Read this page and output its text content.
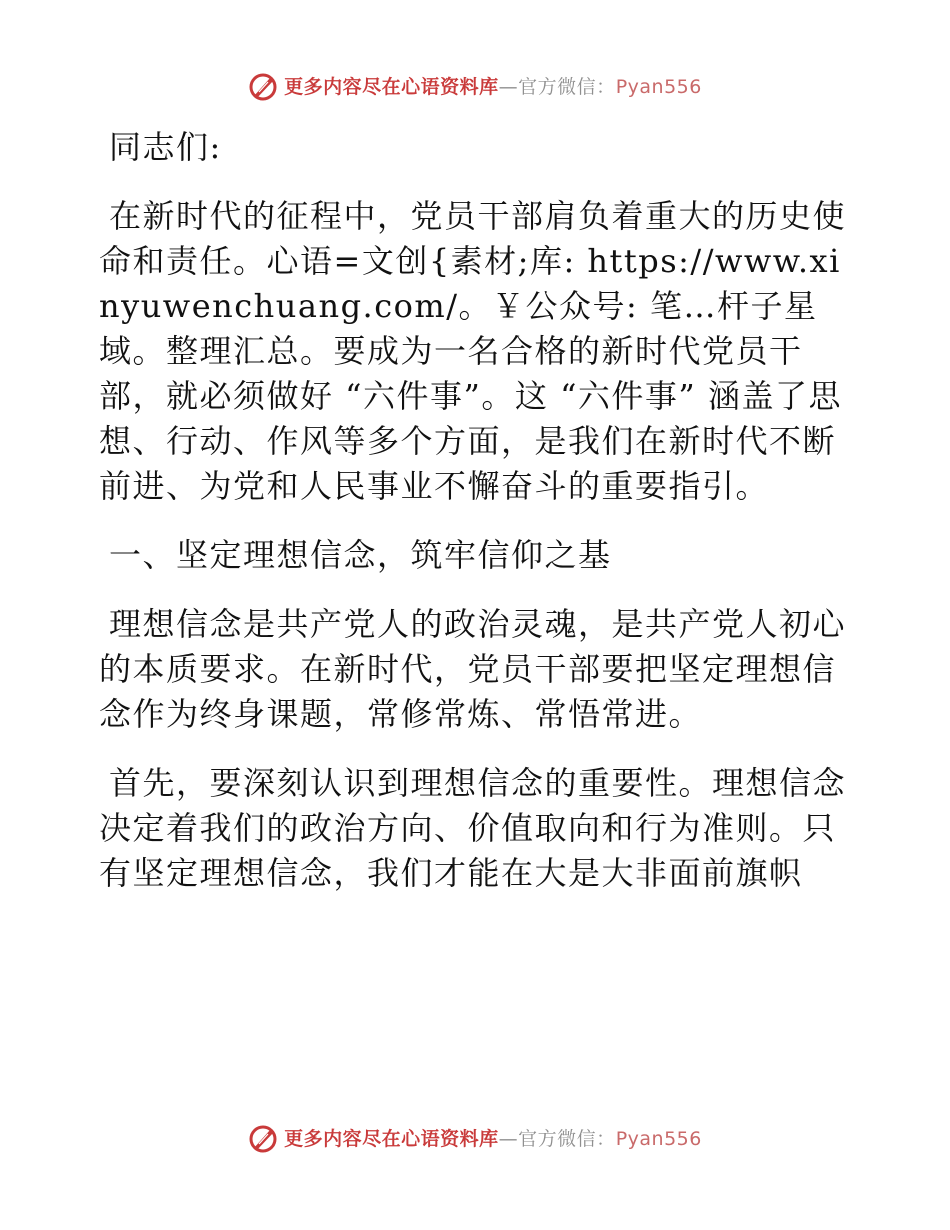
更多内容尽在心语资料库—官方微信：Pyan556

同志们:

在新时代的征程中，党员干部肩负着重大的历史使命和责任。心语=文创{素材;库: https://www.xinyuwenchuang.com/。￥公众号: 笔…杆子星域。整理汇总。要成为一名合格的新时代党员干部，就必须做好 “六件事”。这 “六件事” 涵盖了思想、行动、作风等多个方面，是我们在新时代不断前进、为党和人民事业不懈奋斗的重要指引。

一、坚定理想信念，筑牢信仰之基

理想信念是共产党人的政治灵魂，是共产党人初心的本质要求。在新时代，党员干部要把坚定理想信念作为终身课题，常修常炼、常悟常进。

首先，要深刻认识到理想信念的重要性。理想信念决定着我们的政治方向、价值取向和行为准则。只有坚定理想信念，我们才能在大是大非面前旗帜

更多内容尽在心语资料库—官方微信：Pyan556
